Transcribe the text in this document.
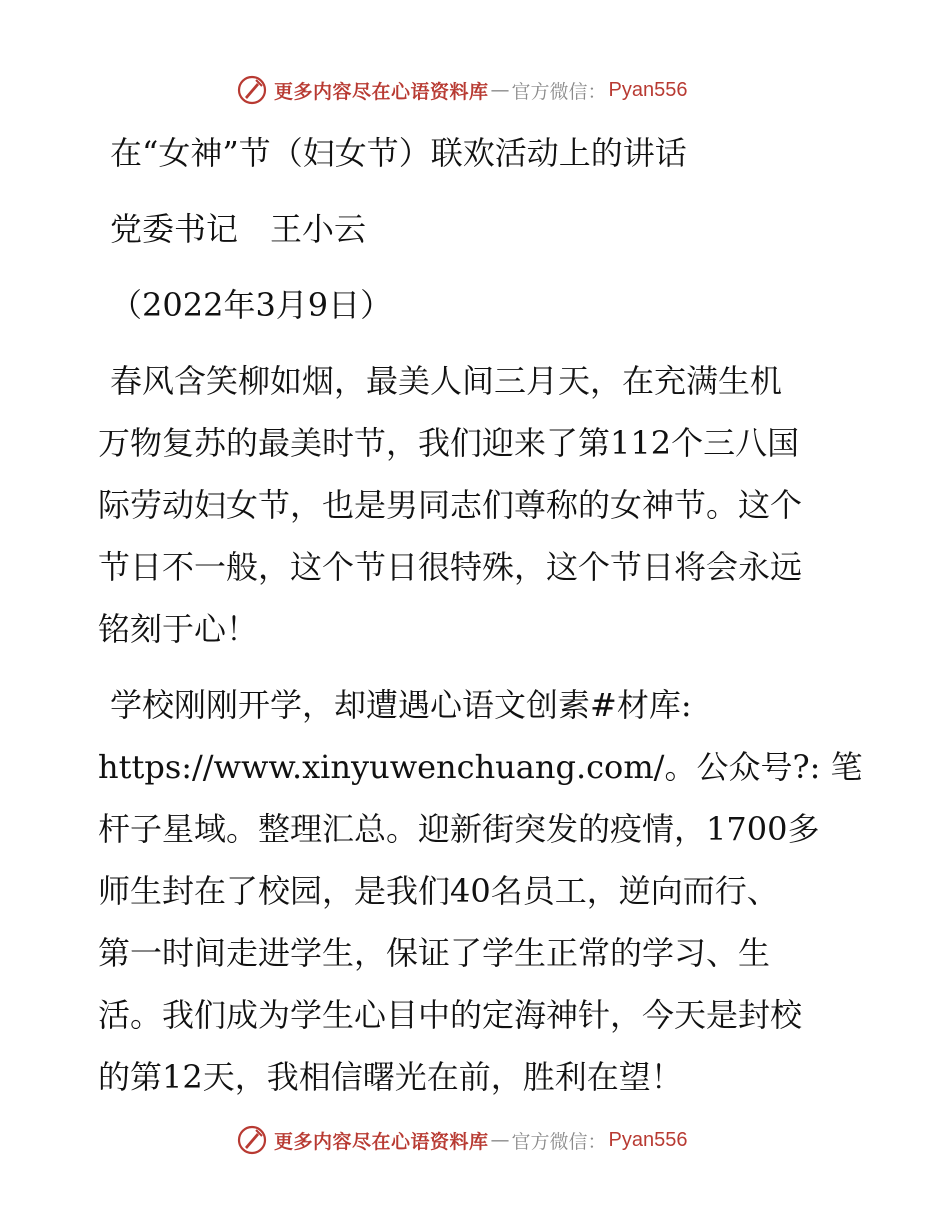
更多内容尽在心语资料库 — 官方微信： Pyan556

在“女神”节（妇女节）联欢活动上的讲话

党委书记　王小云

（2022年3月9日）

春风含笑柳如烟，最美人间三月天，在充满生机
万物复苏的最美时节，我们迎来了第112个三八国
际劳动妇女节，也是男同志们尊称的女神节。这个
节日不一般，这个节日很特殊，这个节日将会永远
铭刻于心！
学校刚刚开学，却遭遇心语文创素#材库:
https://www.xinyuwenchuang.com/。公众号?: 笔
杆子星域。整理汇总。迎新街突发的疫情，1700多
师生封在了校园，是我们40名员工，逆向而行、
第一时间走进学生，保证了学生正常的学习、生
活。我们成为学生心目中的定海神针，今天是封校
的第12天，我相信曙光在前，胜利在望！
更多内容尽在心语资料库 — 官方微信： Pyan556
